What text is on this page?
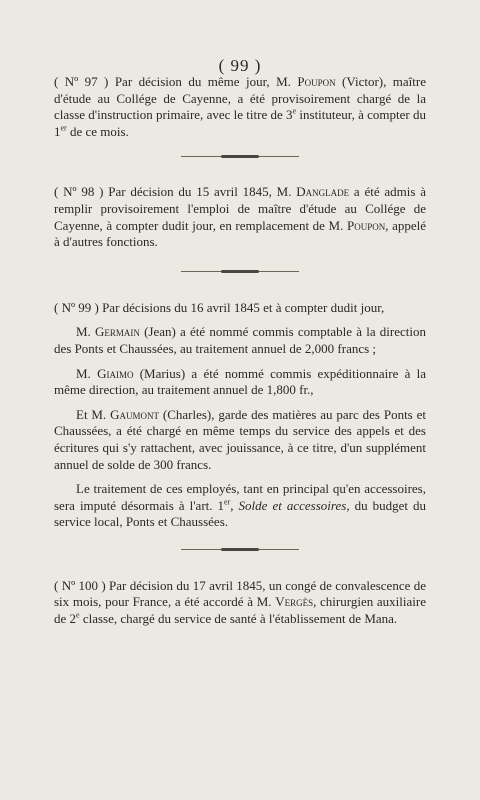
( 99 )

( Nº 97 ) Par décision du même jour, M. Poupon (Victor), maître d'étude au Collége de Cayenne, a été provisoirement chargé de la classe d'instruction primaire, avec le titre de 3e instituteur, à compter du 1er de ce mois.

( Nº 98 ) Par décision du 15 avril 1845, M. Danglade a été admis à remplir provisoirement l'emploi de maître d'étude au Collége de Cayenne, à compter dudit jour, en remplacement de M. Poupon, appelé à d'autres fonctions.

( Nº 99 ) Par décisions du 16 avril 1845 et à compter dudit jour,

M. Germain (Jean) a été nommé commis comptable à la direction des Ponts et Chaussées, au traitement annuel de 2,000 francs ;

M. Giaimo (Marius) a été nommé commis expéditionnaire à la même direction, au traitement annuel de 1,800 fr.,

Et M. Gaumont (Charles), garde des matières au parc des Ponts et Chaussées, a été chargé en même temps du service des appels et des écritures qui s'y rattachent, avec jouissance, à ce titre, d'un supplément annuel de solde de 300 francs.

Le traitement de ces employés, tant en principal qu'en accessoires, sera imputé désormais à l'art. 1er, Solde et accessoires, du budget du service local, Ponts et Chaussées.

( Nº 100 ) Par décision du 17 avril 1845, un congé de convalescence de six mois, pour France, a été accordé à M. Vergès, chirurgien auxiliaire de 2e classe, chargé du service de santé à l'établissement de Mana.
